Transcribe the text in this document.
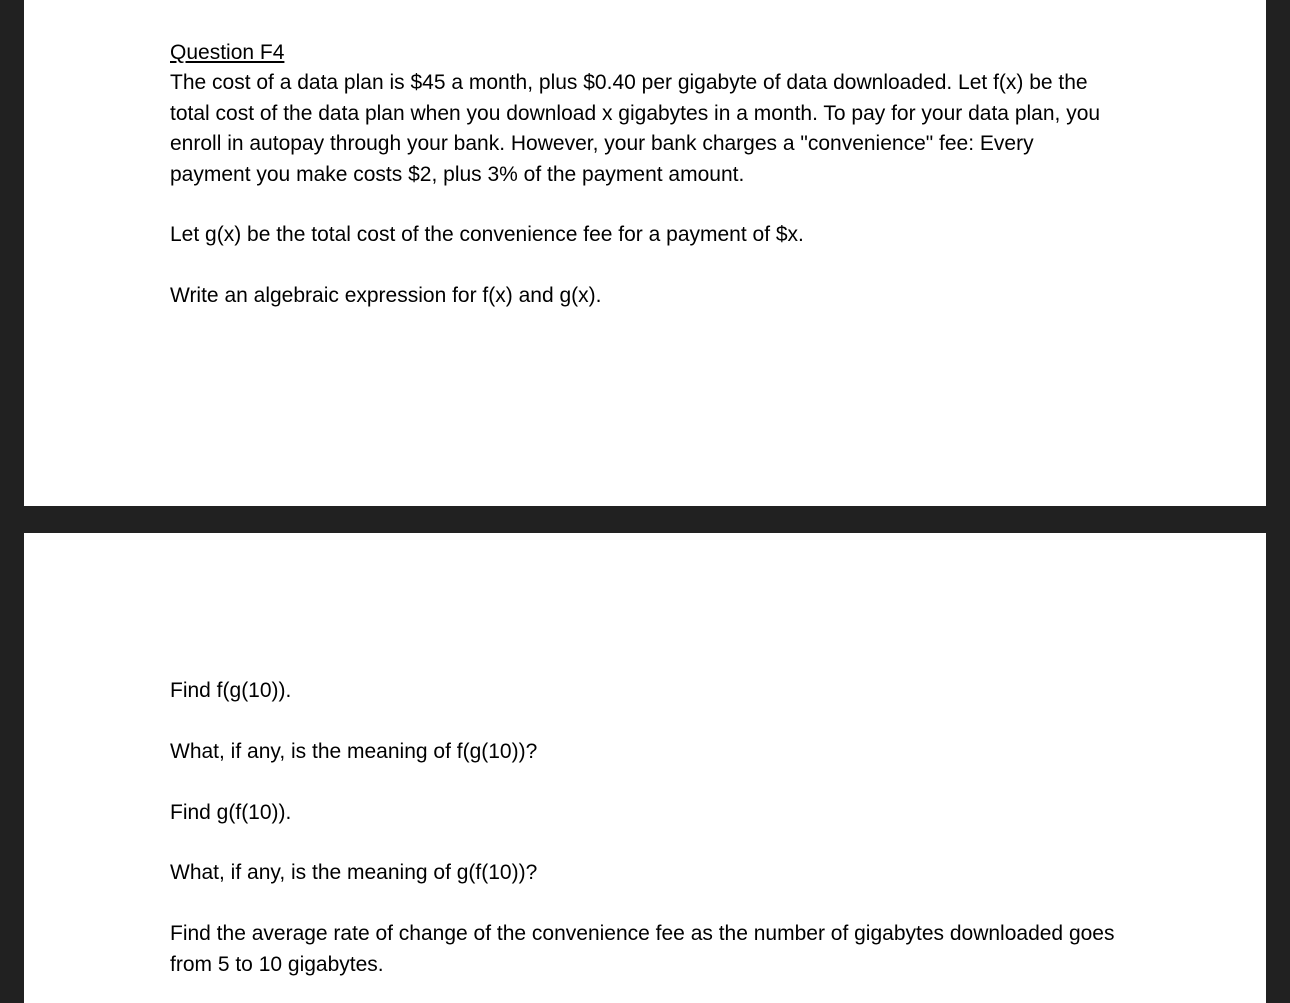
Question F4

The cost of a data plan is $45 a month, plus $0.40 per gigabyte of data downloaded. Let f(x) be the total cost of the data plan when you download x gigabytes in a month. To pay for your data plan, you enroll in autopay through your bank. However, your bank charges a "convenience" fee: Every payment you make costs $2, plus 3% of the payment amount.

Let g(x) be the total cost of the convenience fee for a payment of $x.

Write an algebraic expression for f(x) and g(x).

Find f(g(10)).

What, if any, is the meaning of f(g(10))?

Find g(f(10)).

What, if any, is the meaning of g(f(10))?

Find the average rate of change of the convenience fee as the number of gigabytes downloaded goes from 5 to 10 gigabytes.
